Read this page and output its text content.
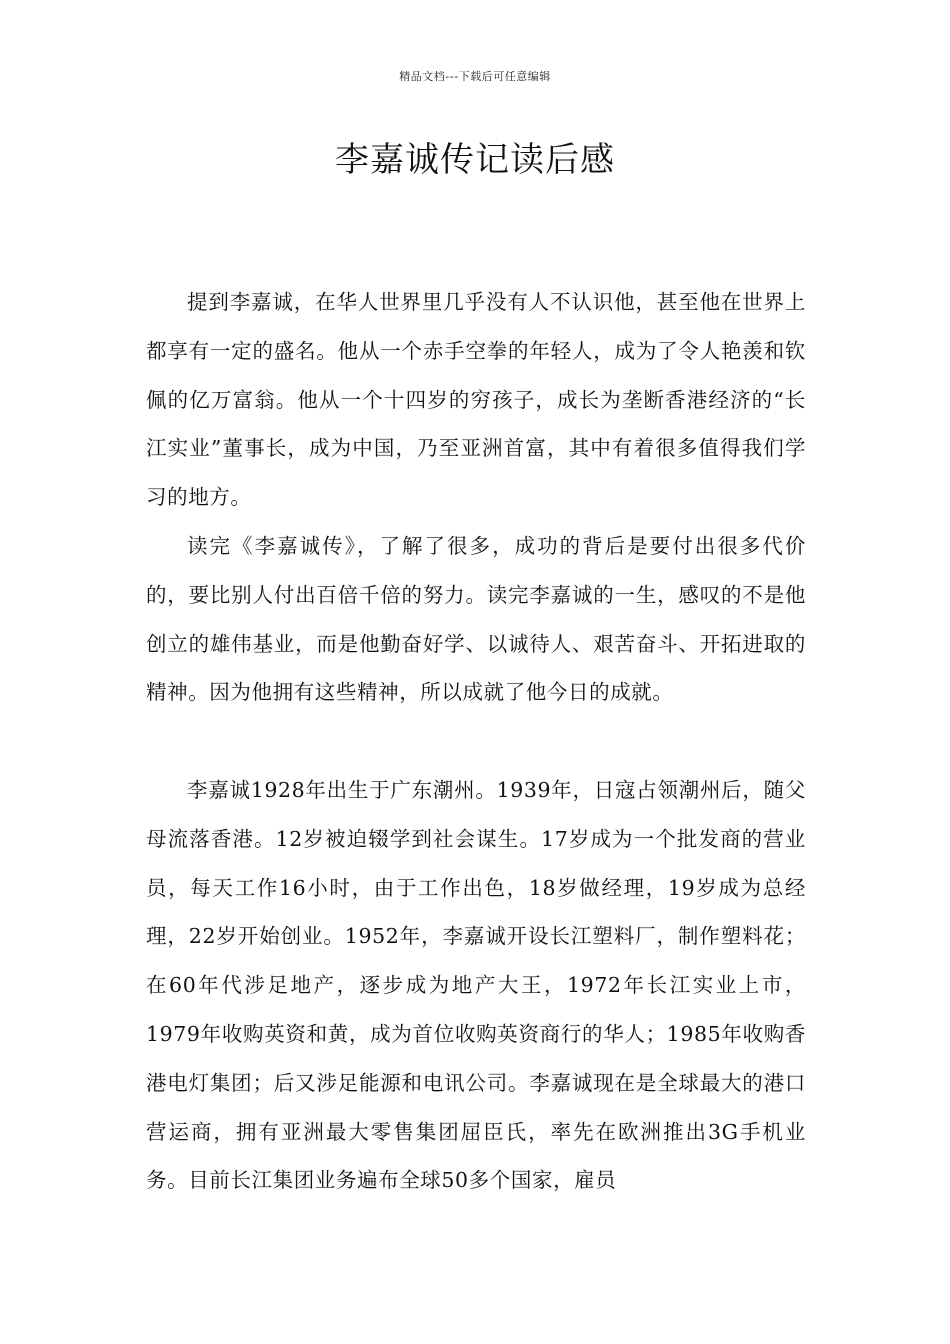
精品文档---下载后可任意编辑
李嘉诚传记读后感

提到李嘉诚，在华人世界里几乎没有人不认识他，甚至他在世界上都享有一定的盛名。他从一个赤手空拳的年轻人，成为了令人艳羡和钦佩的亿万富翁。他从一个十四岁的穷孩子，成长为垄断香港经济的“长江实业”董事长，成为中国，乃至亚洲首富，其中有着很多值得我们学习的地方。

读完《李嘉诚传》，了解了很多，成功的背后是要付出很多代价的，要比别人付出百倍千倍的努力。读完李嘉诚的一生，感叹的不是他创立的雄伟基业，而是他勤奋好学、以诚待人、艰苦奋斗、开拓进取的精神。因为他拥有这些精神，所以成就了他今日的成就。

李嘉诚1928年出生于广东潮州。1939年，日寇占领潮州后，随父母流落香港。12岁被迫辍学到社会谋生。17岁成为一个批发商的营业员，每天工作16小时，由于工作出色，18岁做经理，19岁成为总经理，22岁开始创业。1952年，李嘉诚开设长江塑料厂，制作塑料花；在60年代涉足地产，逐步成为地产大王，1972年长江实业上市，1979年收购英资和黄，成为首位收购英资商行的华人；1985年收购香港电灯集团；后又涉足能源和电讯公司。李嘉诚现在是全球最大的港口营运商，拥有亚洲最大零售集团屈臣氏，率先在欧洲推出3G手机业务。目前长江集团业务遍布全球50多个国家，雇员
